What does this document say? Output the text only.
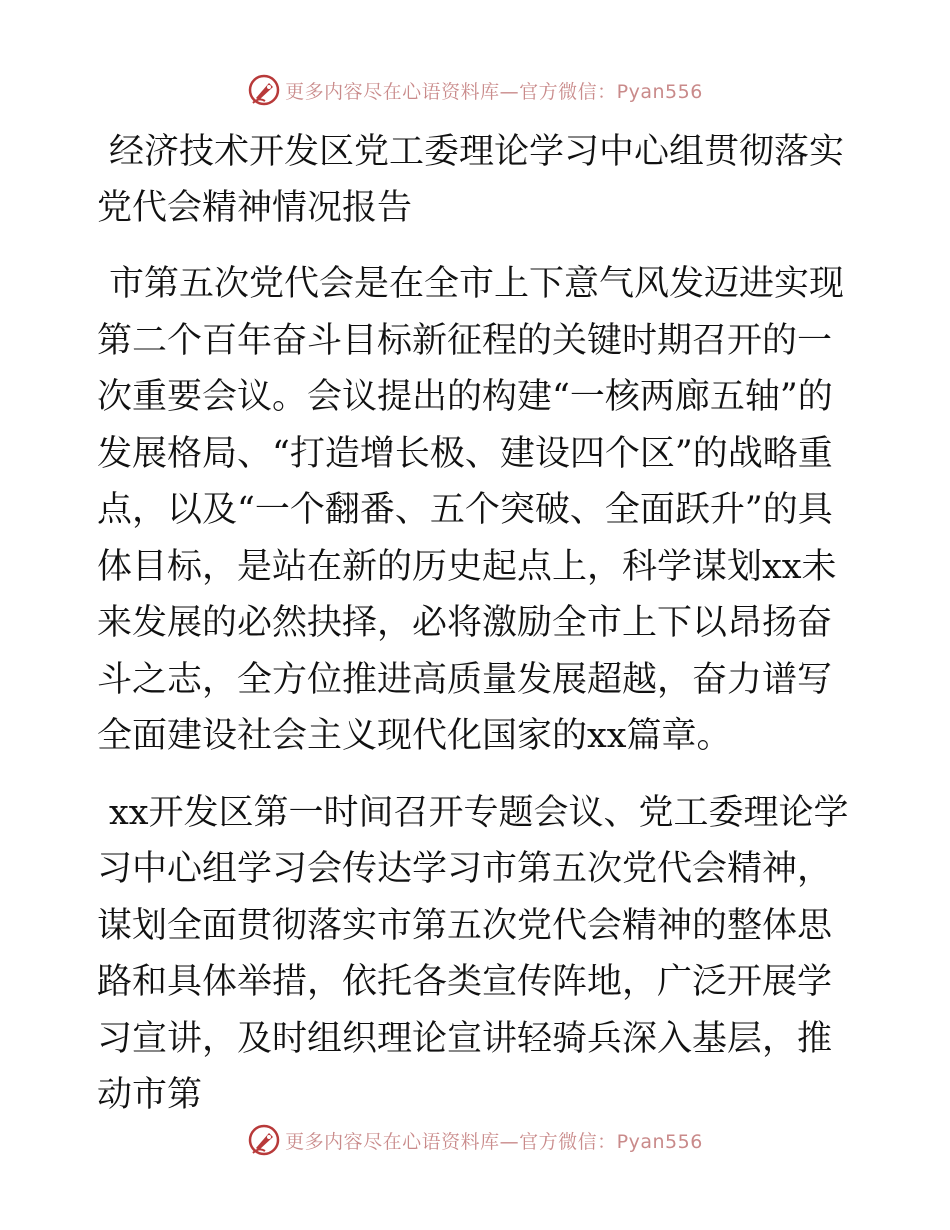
更多内容尽在心语资料库—官方微信：Pyan556
经济技术开发区党工委理论学习中心组贯彻落实党代会精神情况报告

市第五次党代会是在全市上下意气风发迈进实现第二个百年奋斗目标新征程的关键时期召开的一次重要会议。会议提出的构建“一核两廊五轴”的发展格局、“打造增长极、建设四个区”的战略重点，以及“一个翻番、五个突破、全面跃升”的具体目标，是站在新的历史起点上，科学谋划xx未来发展的必然抉择，必将激励全市上下以昂扬奋斗之志，全方位推进高质量发展超越，奋力谱写全面建设社会主义现代化国家的xx篇章。

xx开发区第一时间召开专题会议、党工委理论学习中心组学习会传达学习市第五次党代会精神，谋划全面贯彻落实市第五次党代会精神的整体思路和具体举措，依托各类宣传阵地，广泛开展学习宣讲，及时组织理论宣讲轻骑兵深入基层，推动市第

更多内容尽在心语资料库—官方微信：Pyan556
